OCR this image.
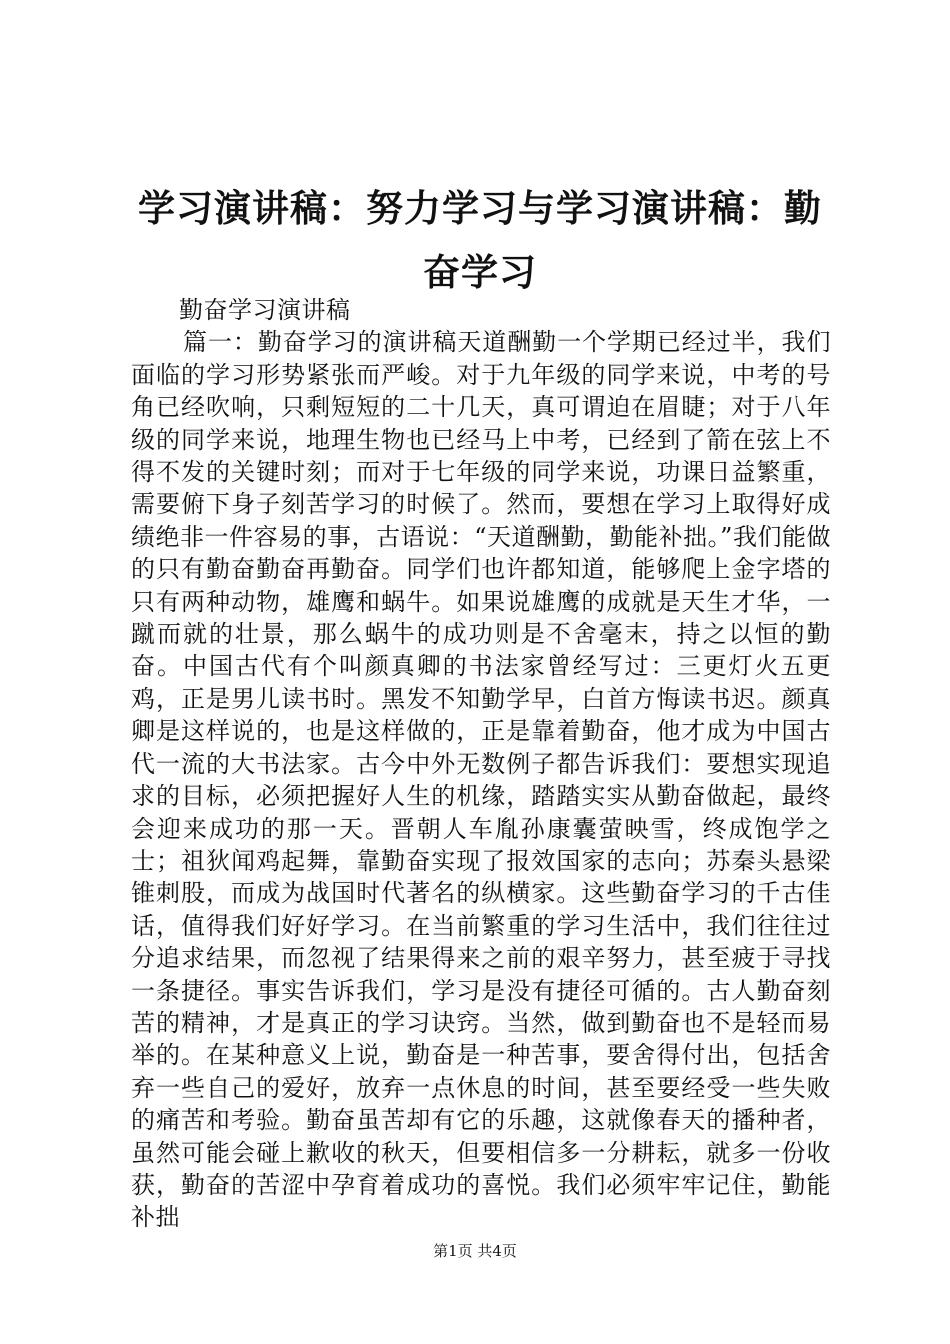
学习演讲稿：努力学习与学习演讲稿：勤奋学习
勤奋学习演讲稿
篇一：勤奋学习的演讲稿天道酬勤一个学期已经过半，我们面临的学习形势紧张而严峻。对于九年级的同学来说，中考的号角已经吹响，只剩短短的二十几天，真可谓迫在眉睫；对于八年级的同学来说，地理生物也已经马上中考，已经到了箭在弦上不得不发的关键时刻；而对于七年级的同学来说，功课日益繁重，需要俯下身子刻苦学习的时候了。然而，要想在学习上取得好成绩绝非一件容易的事，古语说：“天道酬勤，勤能补拙。”我们能做的只有勤奋勤奋再勤奋。同学们也许都知道，能够爬上金字塔的只有两种动物，雄鹰和蜗牛。如果说雄鹰的成就是天生才华，一蹴而就的壮景，那么蜗牛的成功则是不舍毫末，持之以恒的勤奋。中国古代有个叫颜真卿的书法家曾经写过：三更灯火五更鸡，正是男儿读书时。黑发不知勤学早，白首方悔读书迟。颜真卿是这样说的，也是这样做的，正是靠着勤奋，他才成为中国古代一流的大书法家。古今中外无数例子都告诉我们：要想实现追求的目标，必须把握好人生的机缘，踏踏实实从勤奋做起，最终会迎来成功的那一天。晋朝人车胤孙康囊萤映雪，终成饱学之士；祖狄闻鸡起舞，靠勤奋实现了报效国家的志向；苏秦头悬梁锥刺股，而成为战国时代著名的纵横家。这些勤奋学习的千古佳话，值得我们好好学习。在当前繁重的学习生活中，我们往往过分追求结果，而忽视了结果得来之前的艰辛努力，甚至疲于寻找一条捷径。事实告诉我们，学习是没有捷径可循的。古人勤奋刻苦的精神，才是真正的学习诀窍。当然，做到勤奋也不是轻而易举的。在某种意义上说，勤奋是一种苦事，要舍得付出，包括舍弃一些自己的爱好，放弃一点休息的时间，甚至要经受一些失败的痛苦和考验。勤奋虽苦却有它的乐趣，这就像春天的播种者，虽然可能会碰上歉收的秋天，但要相信多一分耕耘，就多一份收获，勤奋的苦涩中孕育着成功的喜悦。我们必须牢牢记住，勤能补拙
第1页 共4页
